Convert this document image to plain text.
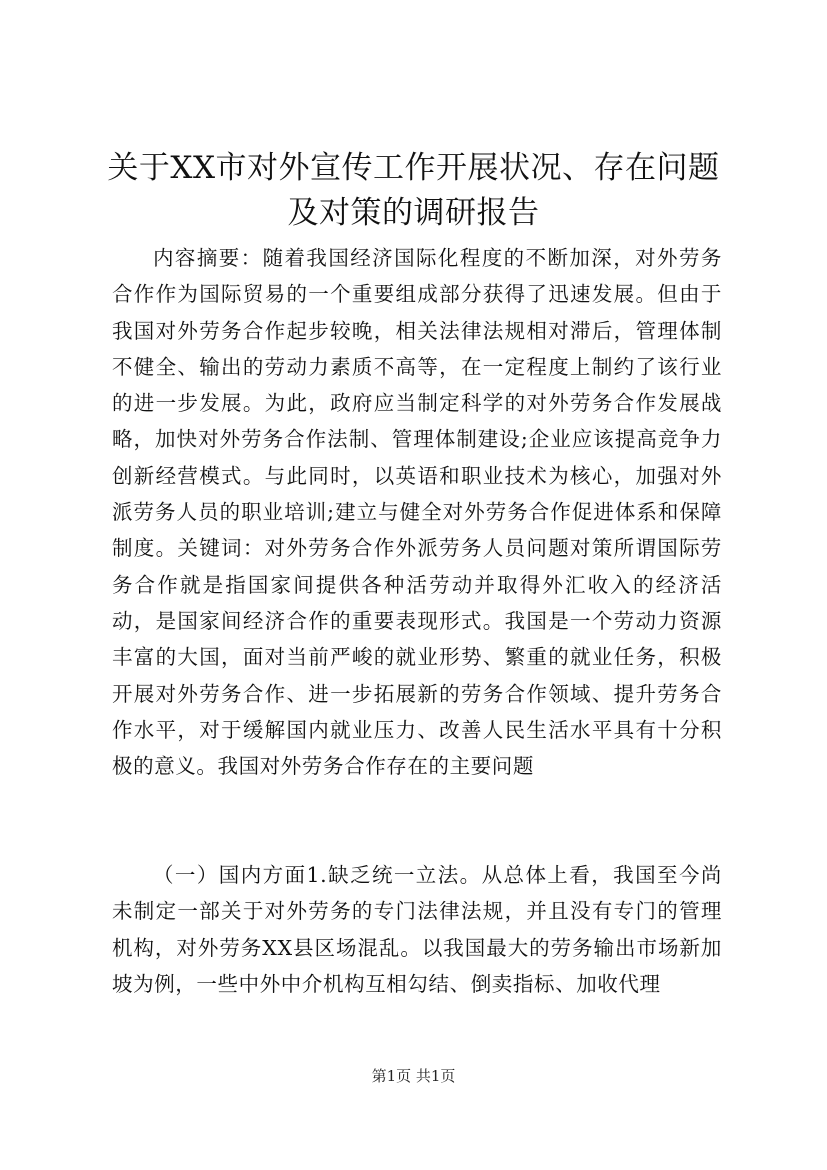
关于XX市对外宣传工作开展状况、存在问题
及对策的调研报告

内容摘要：随着我国经济国际化程度的不断加深，对外劳务合作作为国际贸易的一个重要组成部分获得了迅速发展。但由于我国对外劳务合作起步较晚，相关法律法规相对滞后，管理体制不健全、输出的劳动力素质不高等，在一定程度上制约了该行业的进一步发展。为此，政府应当制定科学的对外劳务合作发展战略，加快对外劳务合作法制、管理体制建设;企业应该提高竞争力创新经营模式。与此同时，以英语和职业技术为核心，加强对外派劳务人员的职业培训;建立与健全对外劳务合作促进体系和保障制度。关键词：对外劳务合作外派劳务人员问题对策所谓国际劳务合作就是指国家间提供各种活劳动并取得外汇收入的经济活动，是国家间经济合作的重要表现形式。我国是一个劳动力资源丰富的大国，面对当前严峻的就业形势、繁重的就业任务，积极开展对外劳务合作、进一步拓展新的劳务合作领域、提升劳务合作水平，对于缓解国内就业压力、改善人民生活水平具有十分积极的意义。我国对外劳务合作存在的主要问题

（一）国内方面1.缺乏统一立法。从总体上看，我国至今尚未制定一部关于对外劳务的专门法律法规，并且没有专门的管理机构，对外劳务XX县区场混乱。以我国最大的劳务输出市场新加坡为例，一些中外中介机构互相勾结、倒卖指标、加收代理

第1页 共1页
